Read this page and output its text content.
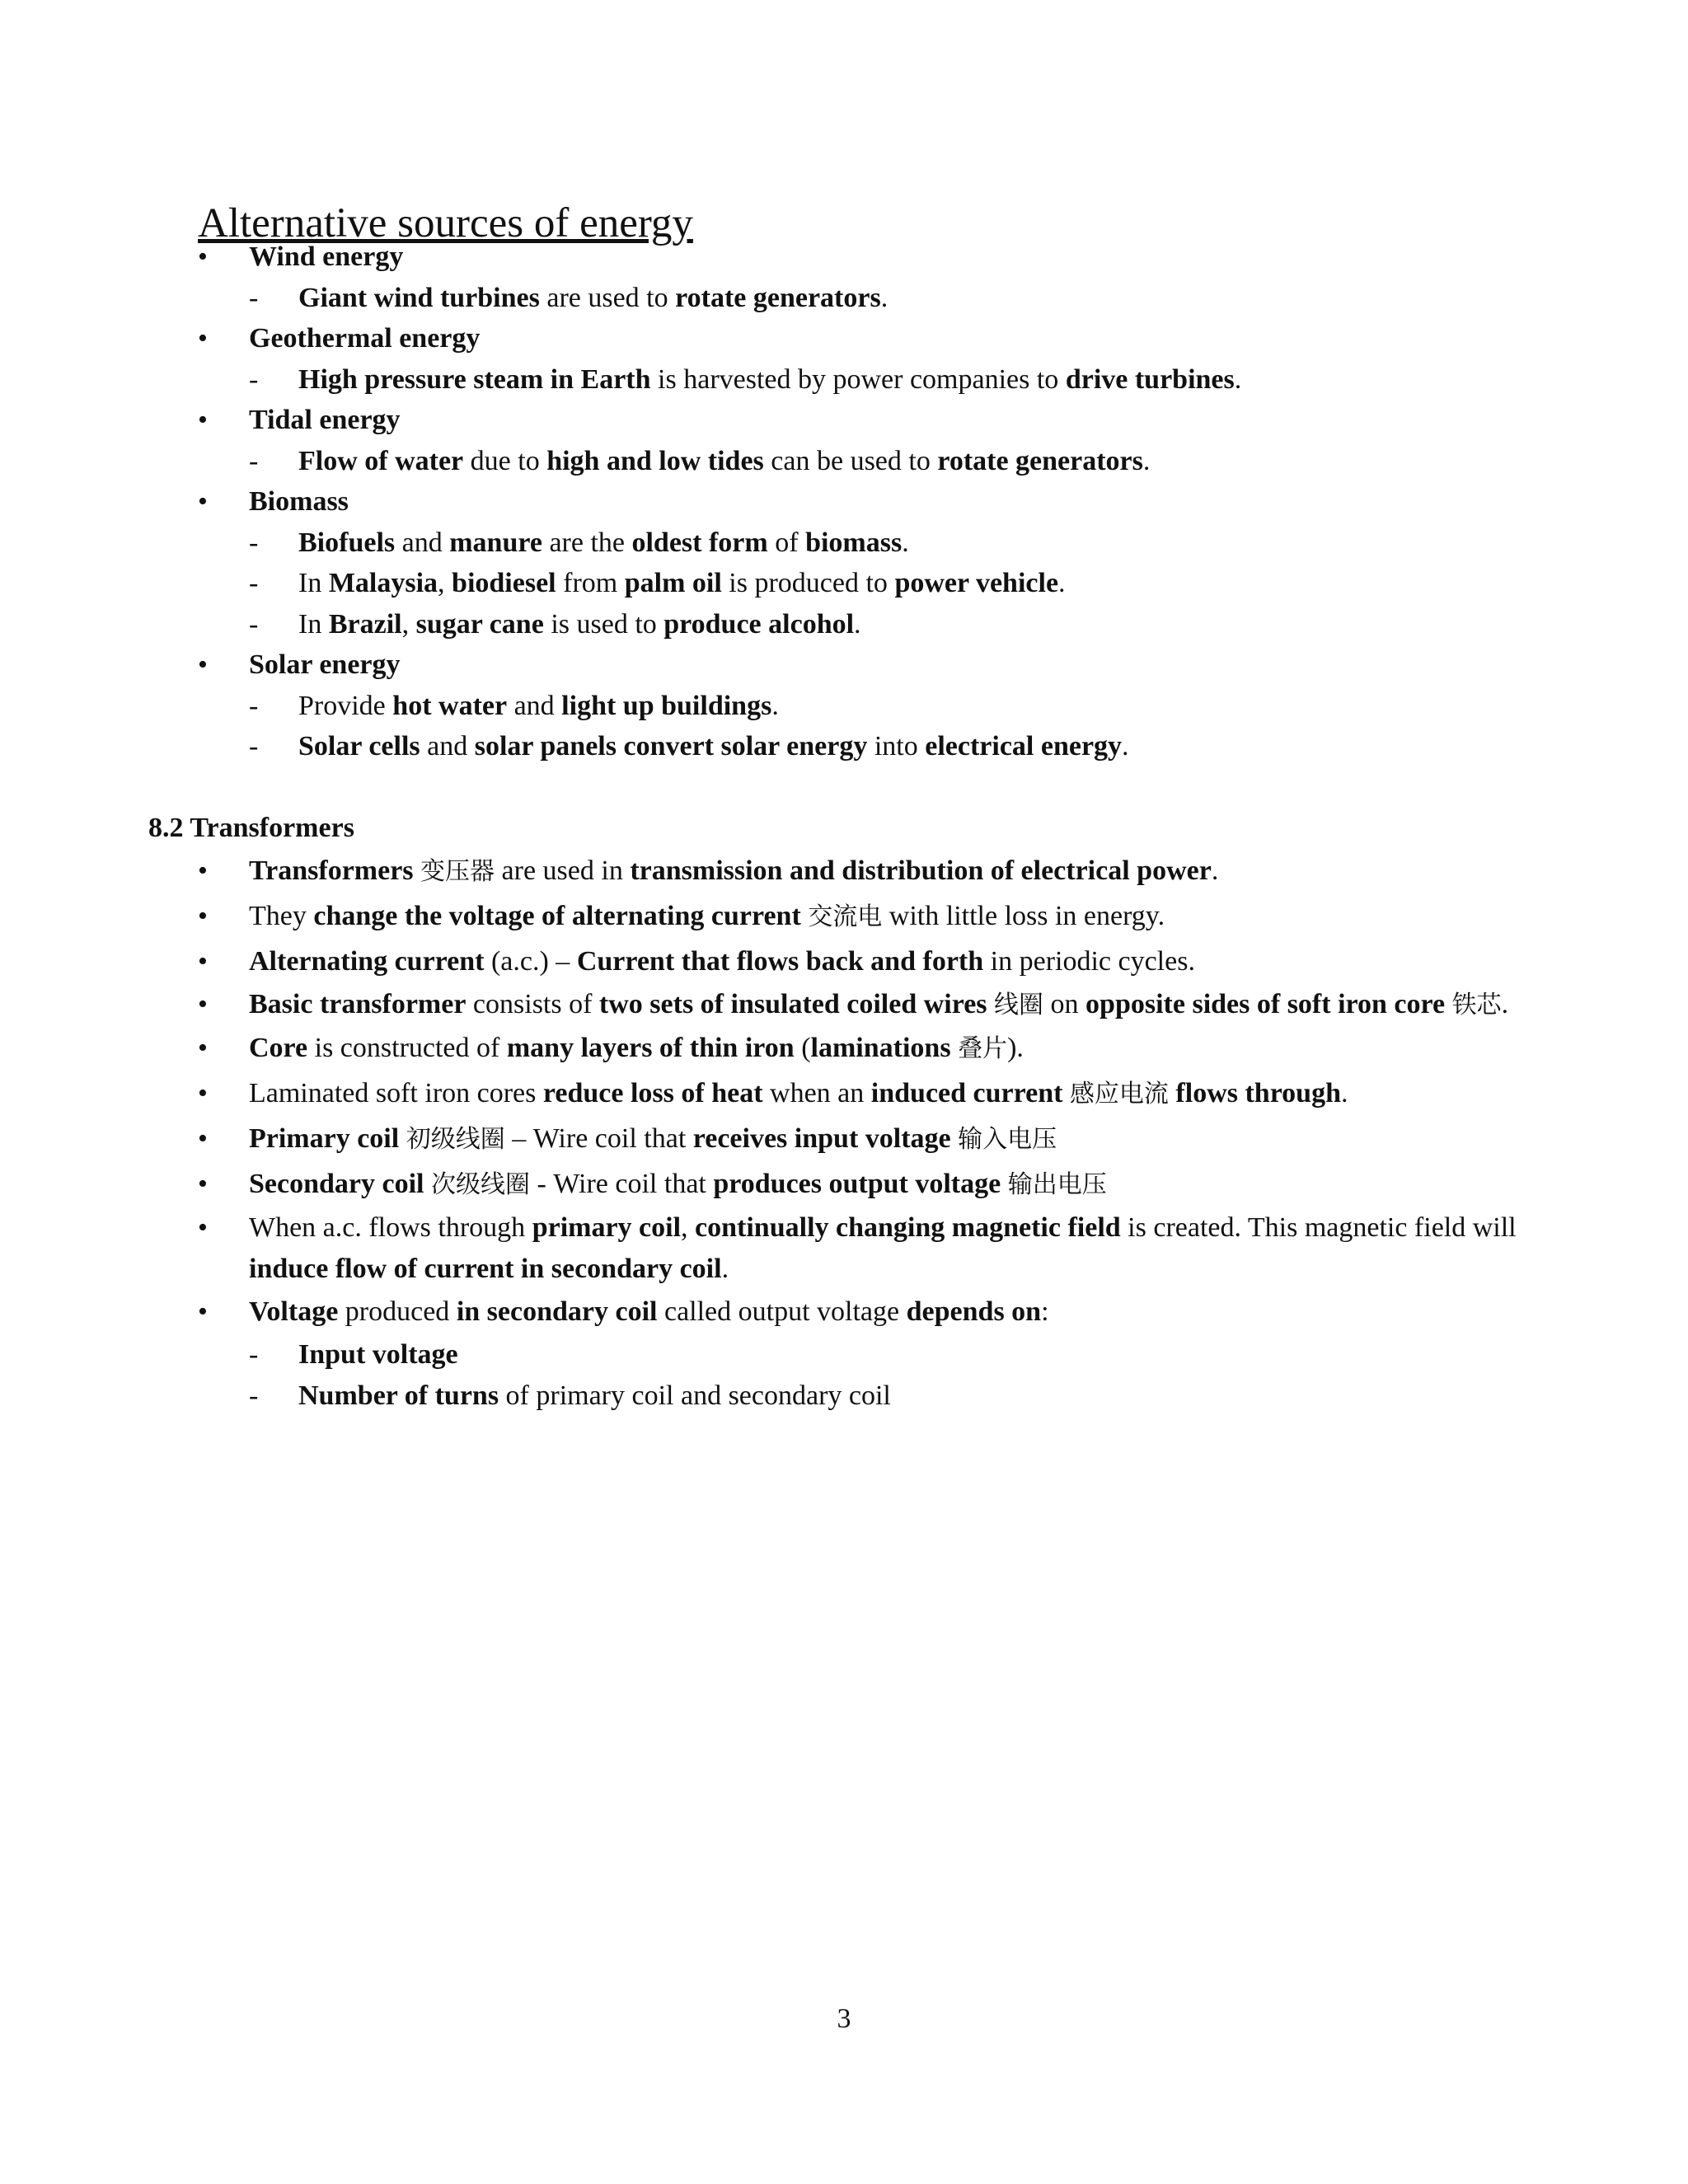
Alternative sources of energy
• Wind energy
- Giant wind turbines are used to rotate generators.
• Geothermal energy
- High pressure steam in Earth is harvested by power companies to drive turbines.
• Tidal energy
- Flow of water due to high and low tides can be used to rotate generators.
• Biomass
- Biofuels and manure are the oldest form of biomass.
- In Malaysia, biodiesel from palm oil is produced to power vehicle.
- In Brazil, sugar cane is used to produce alcohol.
• Solar energy
- Provide hot water and light up buildings.
- Solar cells and solar panels convert solar energy into electrical energy.
8.2 Transformers
• Transformers 变压器 are used in transmission and distribution of electrical power.
• They change the voltage of alternating current 交流电 with little loss in energy.
• Alternating current (a.c.) – Current that flows back and forth in periodic cycles.
• Basic transformer consists of two sets of insulated coiled wires 线圈 on opposite sides of soft iron core 铁芯.
• Core is constructed of many layers of thin iron (laminations 叠片).
• Laminated soft iron cores reduce loss of heat when an induced current 感应电流 flows through.
• Primary coil 初级线圈 – Wire coil that receives input voltage 输入电压
• Secondary coil 次级线圈 - Wire coil that produces output voltage 输出电压
• When a.c. flows through primary coil, continually changing magnetic field is created. This magnetic field will induce flow of current in secondary coil.
• Voltage produced in secondary coil called output voltage depends on:
- Input voltage
- Number of turns of primary coil and secondary coil
3
